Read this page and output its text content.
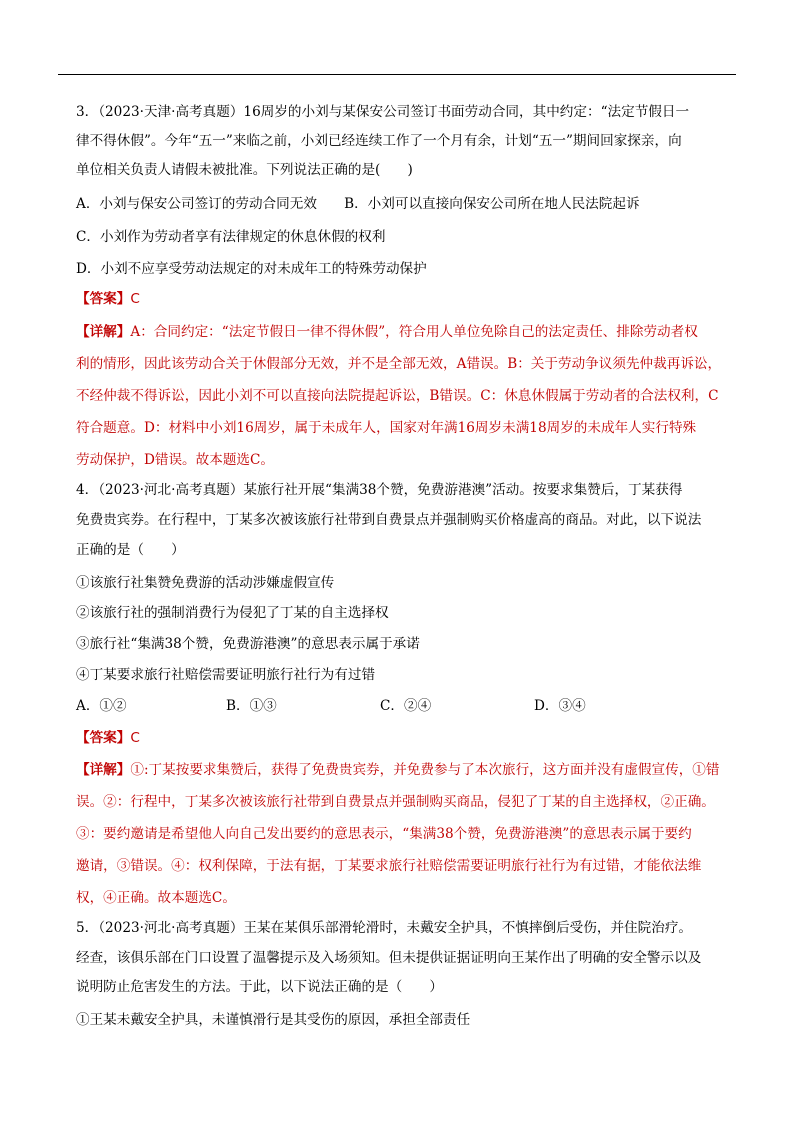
3．（2023·天津·高考真题）16周岁的小刘与某保安公司签订书面劳动合同，其中约定：“法定节假日一
律不得休假”。今年“五一”来临之前，小刘已经连续工作了一个月有余，计划“五一”期间回家探亲，向
单位相关负责人请假未被批准。下列说法正确的是(　　)
A．小刘与保安公司签订的劳动合同无效　　B．小刘可以直接向保安公司所在地人民法院起诉
C．小刘作为劳动者享有法律规定的休息休假的权利
D．小刘不应享受劳动法规定的对未成年工的特殊劳动保护
【答案】C
【详解】A：合同约定：“法定节假日一律不得休假”，符合用人单位免除自己的法定责任、排除劳动者权
利的情形，因此该劳动合关于休假部分无效，并不是全部无效，A错误。B：关于劳动争议须先仲裁再诉讼，
不经仲裁不得诉讼，因此小刘不可以直接向法院提起诉讼，B错误。C：休息休假属于劳动者的合法权利，C
符合题意。D：材料中小刘16周岁，属于未成年人，国家对年满16周岁未满18周岁的未成年人实行特殊
劳动保护，D错误。故本题选C。
4．（2023·河北·高考真题）某旅行社开展“集满38个赞，免费游港澳”活动。按要求集赞后，丁某获得
免费贵宾券。在行程中，丁某多次被该旅行社带到自费景点并强制购买价格虚高的商品。对此，以下说法
正确的是（　　）
①该旅行社集赞免费游的活动涉嫌虚假宣传
②该旅行社的强制消费行为侵犯了丁某的自主选择权
③旅行社“集满38个赞，免费游港澳”的意思表示属于承诺
④丁某要求旅行社赔偿需要证明旅行社行为有过错
A．①②	B．①③	C．②④	D．③④
【答案】C
【详解】①:丁某按要求集赞后，获得了免费贵宾券，并免费参与了本次旅行，这方面并没有虚假宣传，①错
误。②：行程中，丁某多次被该旅行社带到自费景点并强制购买商品，侵犯了丁某的自主选择权，②正确。
③：要约邀请是希望他人向自己发出要约的意思表示，“集满38个赞，免费游港澳”的意思表示属于要约
邀请，③错误。④：权利保障，于法有据，丁某要求旅行社赔偿需要证明旅行社行为有过错，才能依法维
权，④正确。故本题选C。
5．（2023·河北·高考真题）王某在某俱乐部滑轮滑时，未戴安全护具，不慎摔倒后受伤，并住院治疗。
经查，该俱乐部在门口设置了温馨提示及入场须知。但未提供证据证明向王某作出了明确的安全警示以及
说明防止危害发生的方法。于此，以下说法正确的是（　　）
①王某未戴安全护具，未谨慎滑行是其受伤的原因，承担全部责任
